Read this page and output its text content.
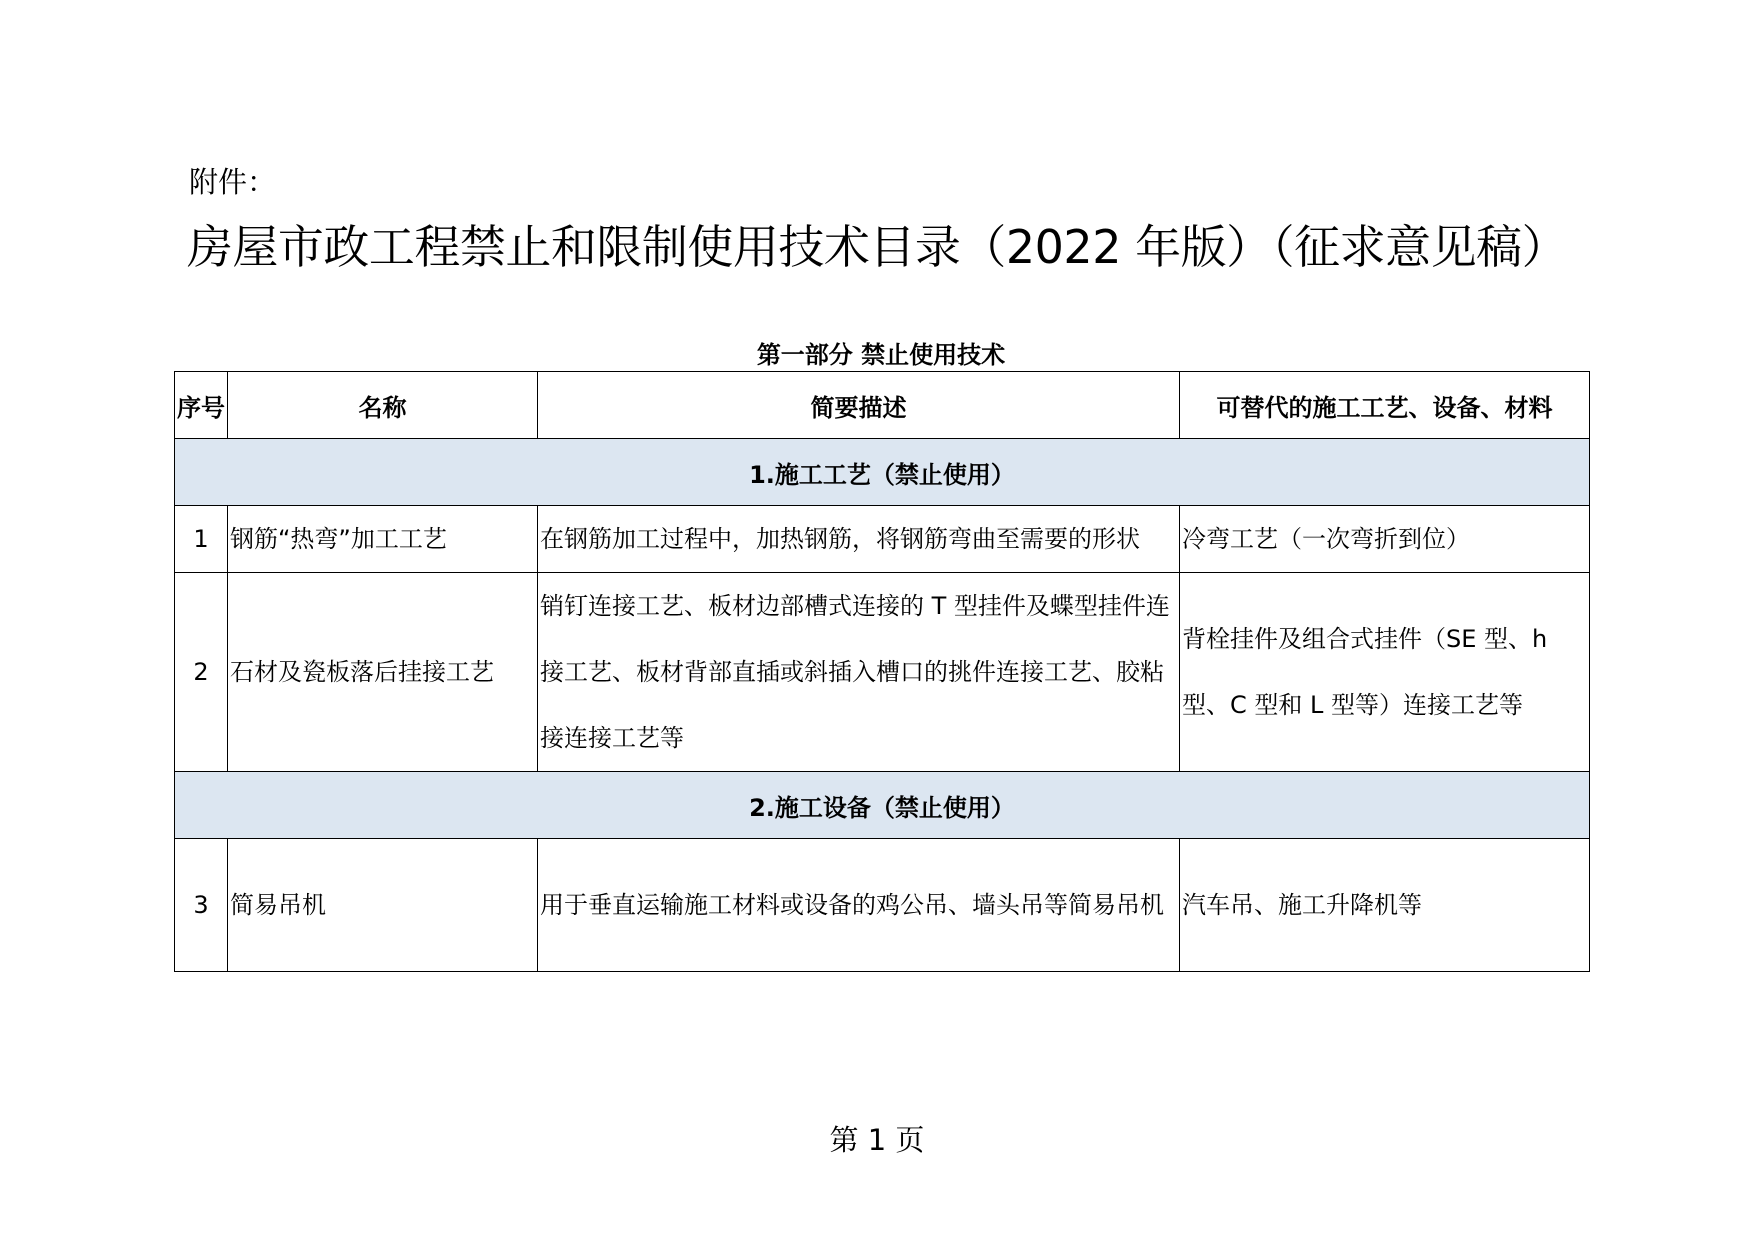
附件：
房屋市政工程禁止和限制使用技术目录（2022 年版）（征求意见稿）
第一部分 禁止使用技术
序号	名称	简要描述	可替代的施工工艺、设备、材料
1.施工工艺（禁止使用）			
1	钢筋“热弯”加工工艺	在钢筋加工过程中，加热钢筋，将钢筋弯曲至需要的形状	冷弯工艺（一次弯折到位）
2	石材及瓷板落后挂接工艺	销钉连接工艺、板材边部槽式连接的 T 型挂件及蝶型挂件连接工艺、板材背部直插或斜插入槽口的挑件连接工艺、胶粘接连接工艺等	背栓挂件及组合式挂件（SE 型、h 型、C 型和 L 型等）连接工艺等
2.施工设备（禁止使用）			
3	简易吊机	用于垂直运输施工材料或设备的鸡公吊、墙头吊等简易吊机	汽车吊、施工升降机等
第 1 页
